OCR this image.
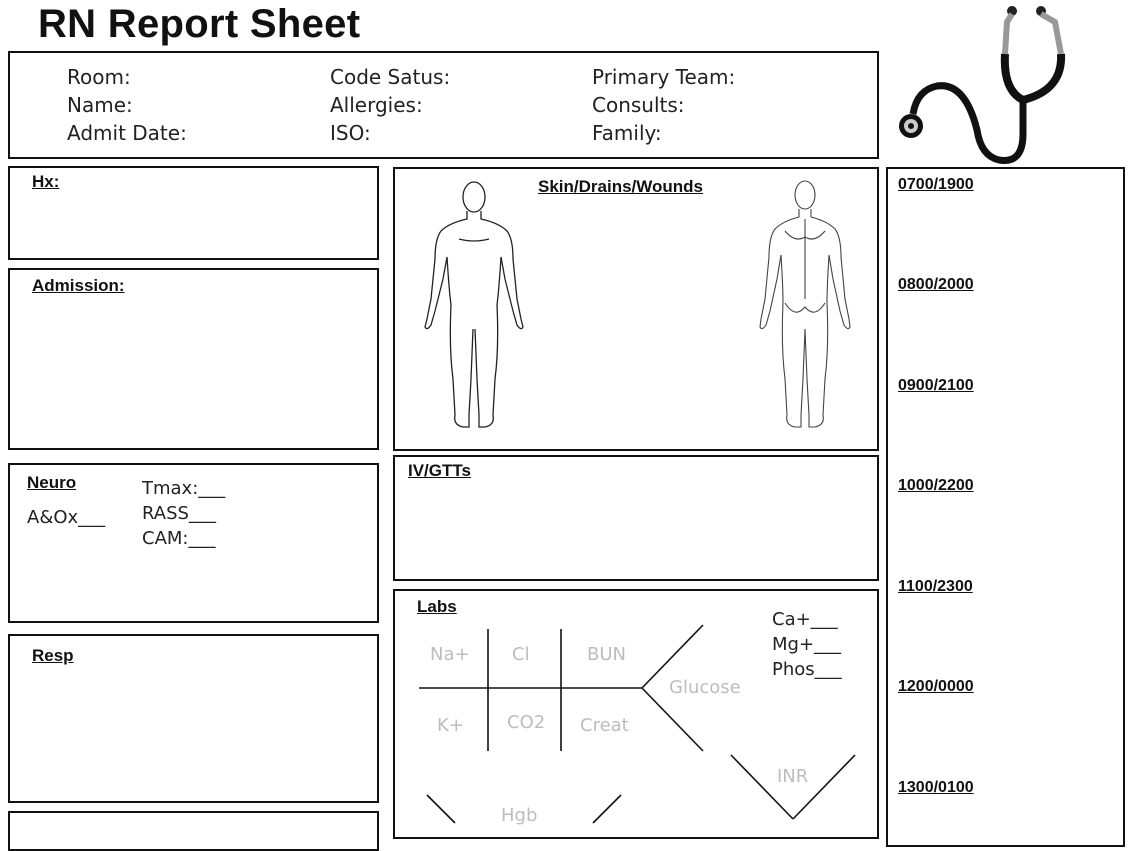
RN Report Sheet
Room:
Name:
Admit Date:
Code Satus:
Allergies:
ISO:
Primary Team:
Consults:
Family:
Hx:
Admission:
Neuro
A&Ox___
Tmax:___
RASS___
CAM:___
Resp
Skin/Drains/Wounds
IV/GTTs
Labs
Na+ Cl	BUN
K+ CO2 Creat
Glucose
INR
Hgb
Ca+___
Mg+___
Phos___
0700/1900
0800/2000
0900/2100
1000/2200
1100/2300
1200/0000
1300/0100
